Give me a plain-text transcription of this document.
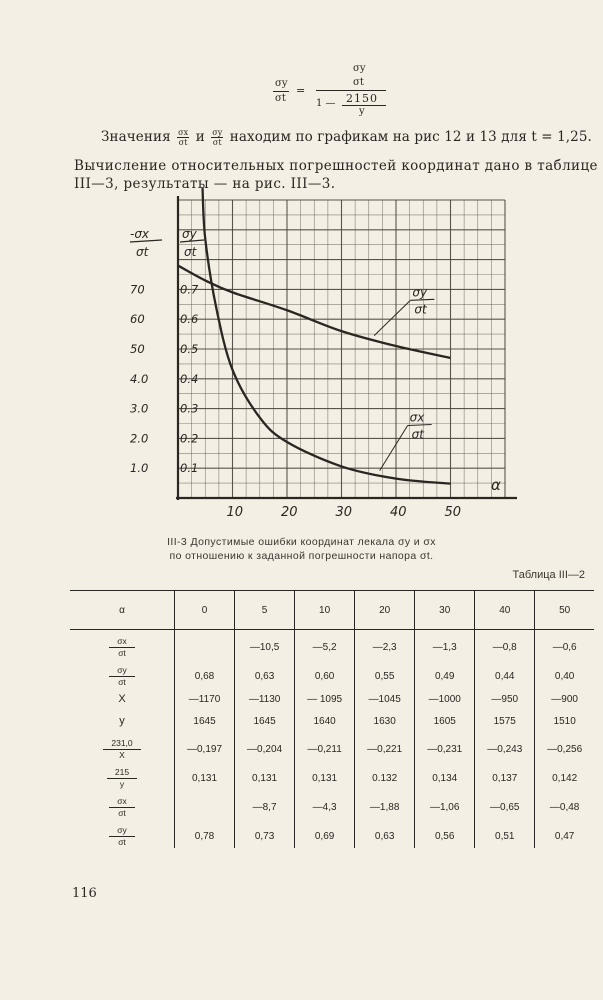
σy
σt
=
σy
σt
1 — 2150
y
Значения $\frac{\sigma x}{\sigma t}$ и $\frac{\sigma y}{\sigma t}$ находим по графикам на рис 12 и 13 для t = 1,25.
Вычисление относительных погрешностей координат дано в таблице
III—3, результаты — на рис. III—3.
10	20	30	40	50
α
0.1
1.0
0.2
2.0
0.3
3.0
0.4
4.0
0.5
50
0.6
60
0.7
70
-σx
σt
σy
σt
σy
σt
σx
σt
III-3 Допустимые ошибки координат лекала σy и σx
по отношению к заданной погрешности напора σt.
Таблица III—2
α	0	5	10	20	30	40	50

$\frac{\sigma x}{\sigma t}$		—10,5	—5,2	—2,3	—1,3	—0,8	—0,6

$\frac{\sigma y}{\sigma t}$	0,68	0,63	0,60	0,55	0,49	0,44	0,40
X	—1170	—1130	— 1095	—1045	—1000	—950	—900
y	1645	1645	1640	1630	1605	1575	1510

$\frac{231,0}{X}$	—0,197	—0,204	—0,211	—0,221	—0,231	—0,243	—0,256

$\frac{215}{y}$	0,131	0,131	0,131	0.132	0,134	0,137	0,142

$\frac{\sigma x}{\sigma t}$		—8,7	—4,3	—1,88	—1,06	—0,65	—0,48

$\frac{\sigma y}{\sigma t}$	0,78	0,73	0,69	0,63	0,56	0,51	0,47
116
